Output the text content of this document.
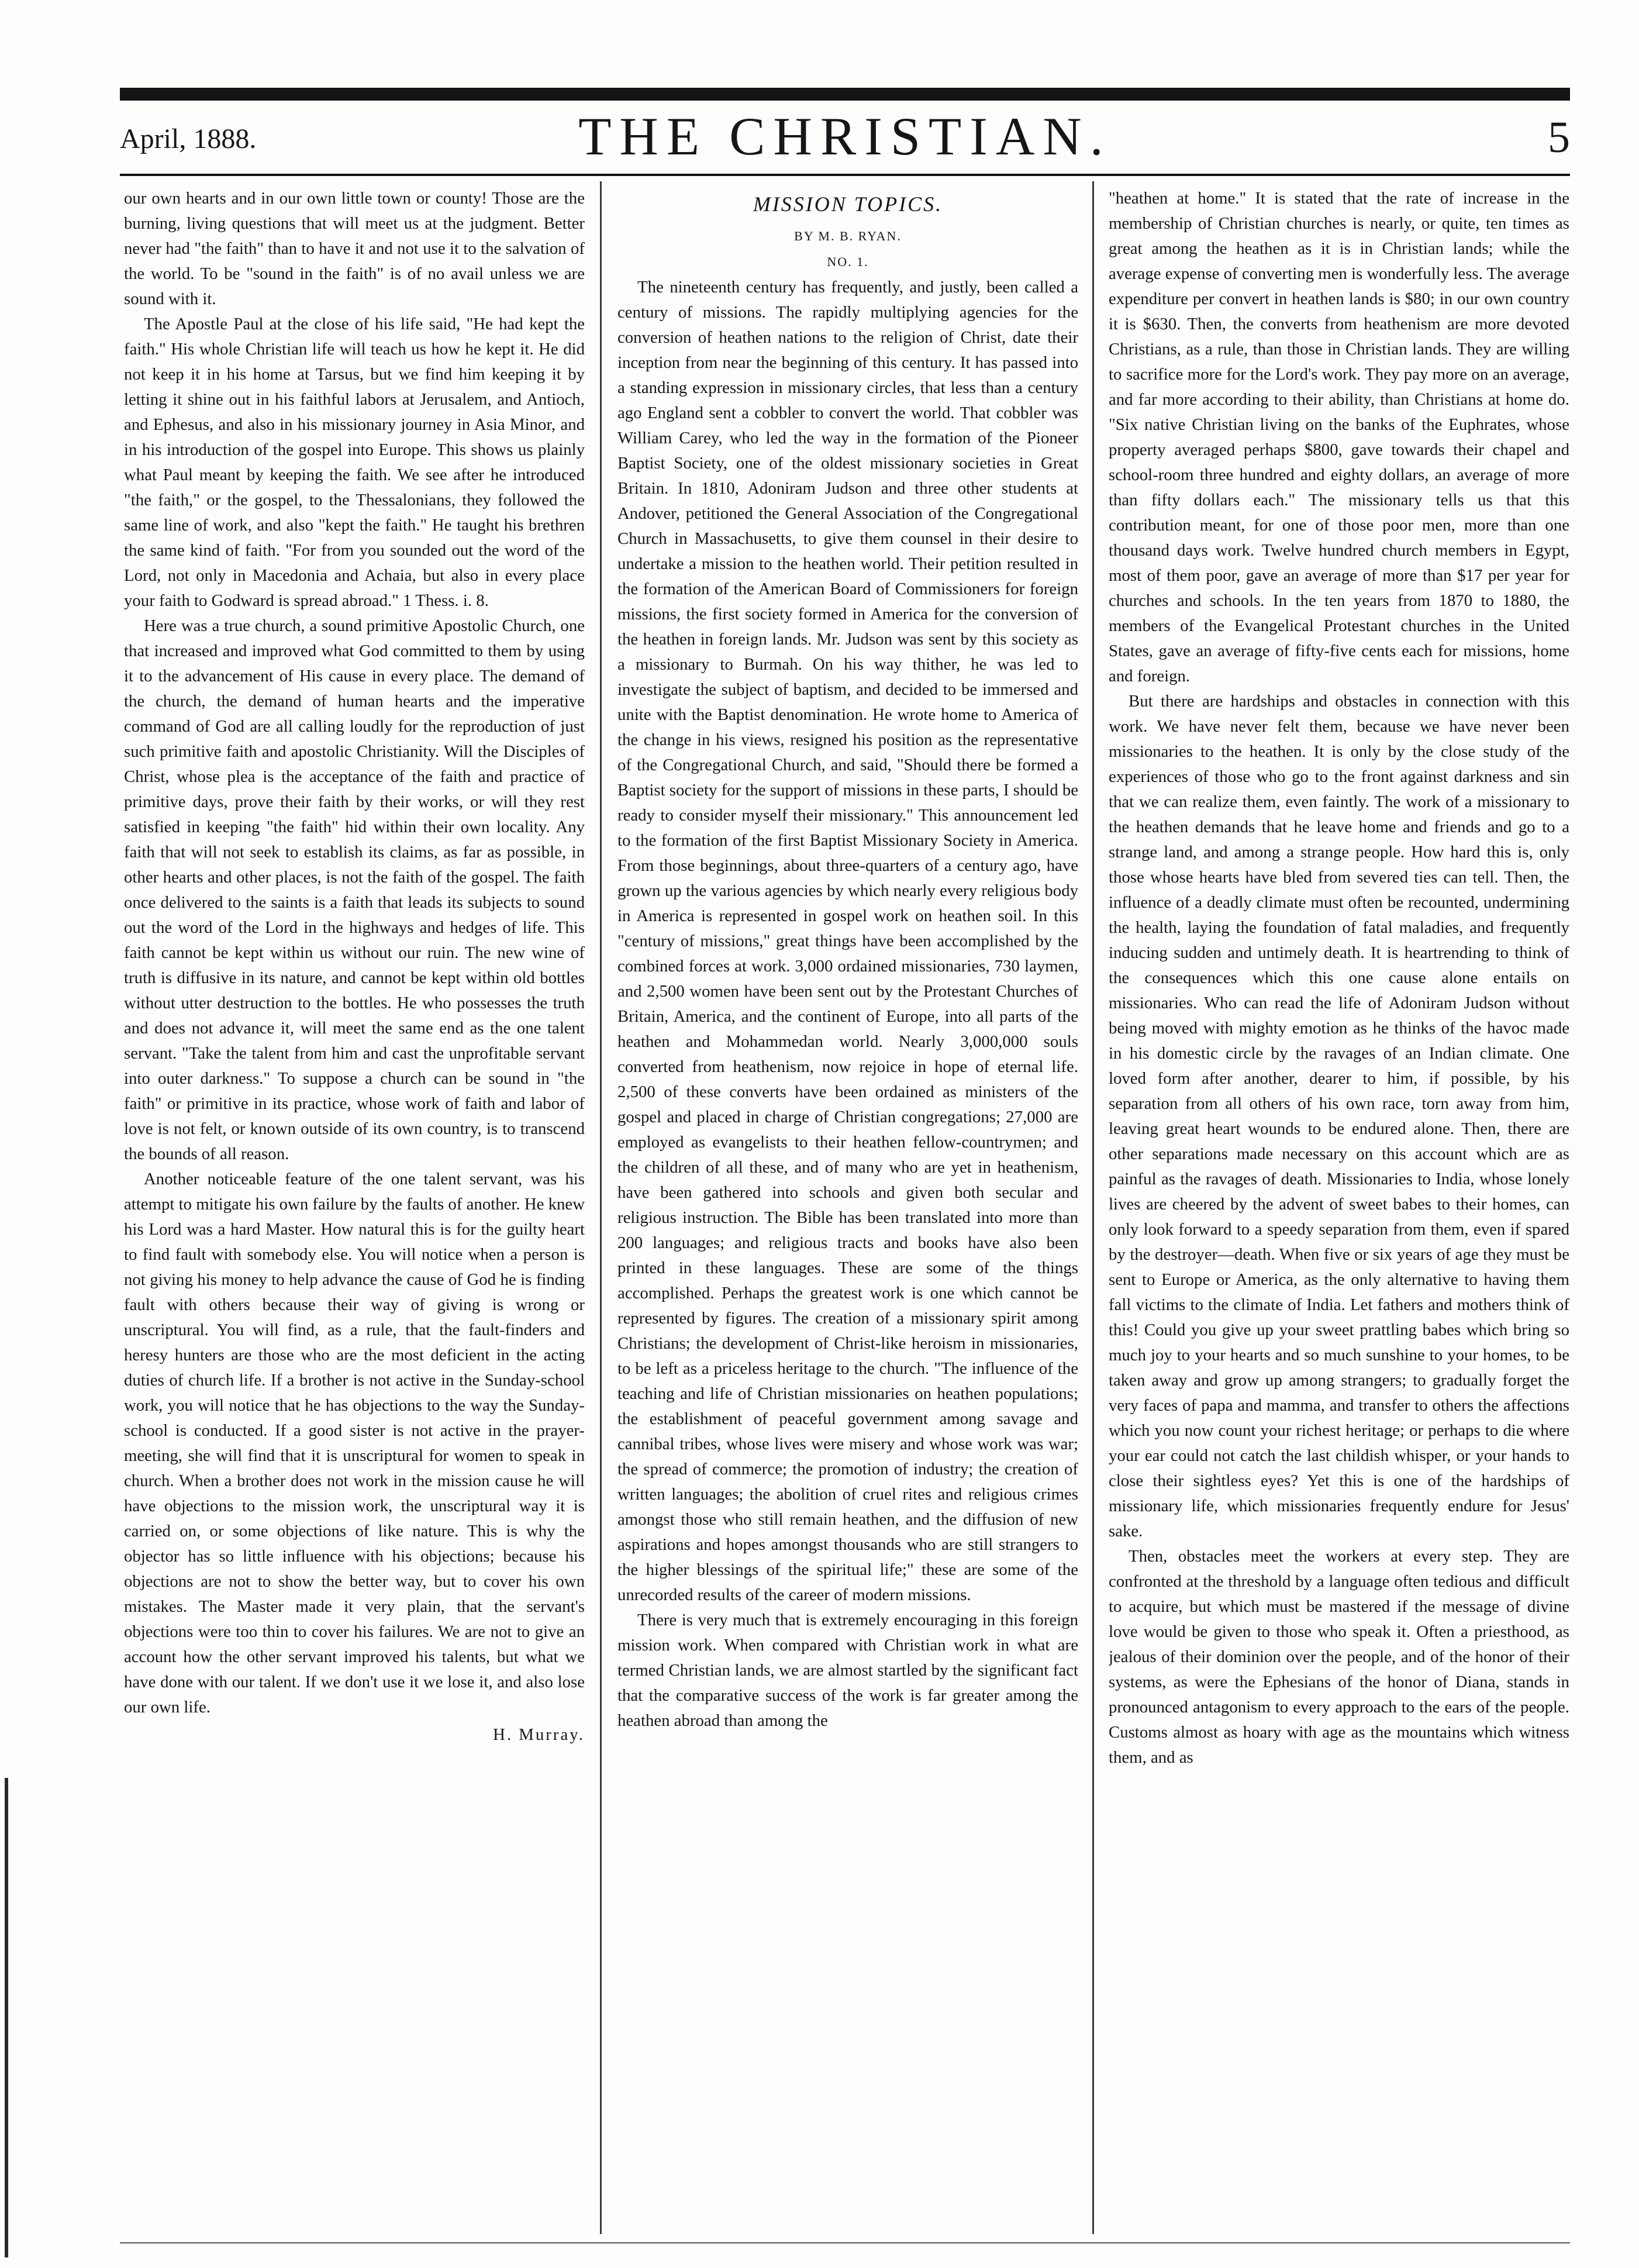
April, 1888.	THE CHRISTIAN.	5

our own hearts and in our own little town or county! Those are the burning, living questions that will meet us at the judgment. Better never had "the faith" than to have it and not use it to the salvation of the world. To be "sound in the faith" is of no avail unless we are sound with it.

The Apostle Paul at the close of his life said, "He had kept the faith." His whole Christian life will teach us how he kept it. He did not keep it in his home at Tarsus, but we find him keeping it by letting it shine out in his faithful labors at Jerusalem, and Antioch, and Ephesus, and also in his missionary journey in Asia Minor, and in his introduction of the gospel into Europe. This shows us plainly what Paul meant by keeping the faith. We see after he introduced "the faith," or the gospel, to the Thessalonians, they followed the same line of work, and also "kept the faith." He taught his brethren the same kind of faith. "For from you sounded out the word of the Lord, not only in Macedonia and Achaia, but also in every place your faith to Godward is spread abroad." 1 Thess. i. 8.

Here was a true church, a sound primitive Apostolic Church, one that increased and improved what God committed to them by using it to the advancement of His cause in every place. The demand of the church, the demand of human hearts and the imperative command of God are all calling loudly for the reproduction of just such primitive faith and apostolic Christianity. Will the Disciples of Christ, whose plea is the acceptance of the faith and practice of primitive days, prove their faith by their works, or will they rest satisfied in keeping "the faith" hid within their own locality. Any faith that will not seek to establish its claims, as far as possible, in other hearts and other places, is not the faith of the gospel. The faith once delivered to the saints is a faith that leads its subjects to sound out the word of the Lord in the highways and hedges of life. This faith cannot be kept within us without our ruin. The new wine of truth is diffusive in its nature, and cannot be kept within old bottles without utter destruction to the bottles. He who possesses the truth and does not advance it, will meet the same end as the one talent servant. "Take the talent from him and cast the unprofitable servant into outer darkness." To suppose a church can be sound in "the faith" or primitive in its practice, whose work of faith and labor of love is not felt, or known outside of its own country, is to transcend the bounds of all reason.

Another noticeable feature of the one talent servant, was his attempt to mitigate his own failure by the faults of another. He knew his Lord was a hard Master. How natural this is for the guilty heart to find fault with somebody else. You will notice when a person is not giving his money to help advance the cause of God he is finding fault with others because their way of giving is wrong or unscriptural. You will find, as a rule, that the fault-finders and heresy hunters are those who are the most deficient in the acting duties of church life. If a brother is not active in the Sunday-school work, you will notice that he has objections to the way the Sunday-school is conducted. If a good sister is not active in the prayer-meeting, she will find that it is unscriptural for women to speak in church. When a brother does not work in the mission cause he will have objections to the mission work, the unscriptural way it is carried on, or some objections of like nature. This is why the objector has so little influence with his objections; because his objections are not to show the better way, but to cover his own mistakes. The Master made it very plain, that the servant's objections were too thin to cover his failures. We are not to give an account how the other servant improved his talents, but what we have done with our talent. If we don't use it we lose it, and also lose our own life.

H. Murray.
MISSION TOPICS.
BY M. B. RYAN.
NO. 1.

The nineteenth century has frequently, and justly, been called a century of missions. The rapidly multiplying agencies for the conversion of heathen nations to the religion of Christ, date their inception from near the beginning of this century. It has passed into a standing expression in missionary circles, that less than a century ago England sent a cobbler to convert the world. That cobbler was William Carey, who led the way in the formation of the Pioneer Baptist Society, one of the oldest missionary societies in Great Britain. In 1810, Adoniram Judson and three other students at Andover, petitioned the General Association of the Congregational Church in Massachusetts, to give them counsel in their desire to undertake a mission to the heathen world. Their petition resulted in the formation of the American Board of Commissioners for foreign missions, the first society formed in America for the conversion of the heathen in foreign lands. Mr. Judson was sent by this society as a missionary to Burmah. On his way thither, he was led to investigate the subject of baptism, and decided to be immersed and unite with the Baptist denomination. He wrote home to America of the change in his views, resigned his position as the representative of the Congregational Church, and said, "Should there be formed a Baptist society for the support of missions in these parts, I should be ready to consider myself their missionary." This announcement led to the formation of the first Baptist Missionary Society in America. From those beginnings, about three-quarters of a century ago, have grown up the various agencies by which nearly every religious body in America is represented in gospel work on heathen soil. In this "century of missions," great things have been accomplished by the combined forces at work. 3,000 ordained missionaries, 730 laymen, and 2,500 women have been sent out by the Protestant Churches of Britain, America, and the continent of Europe, into all parts of the heathen and Mohammedan world. Nearly 3,000,000 souls converted from heathenism, now rejoice in hope of eternal life. 2,500 of these converts have been ordained as ministers of the gospel and placed in charge of Christian congregations; 27,000 are employed as evangelists to their heathen fellow-countrymen; and the children of all these, and of many who are yet in heathenism, have been gathered into schools and given both secular and religious instruction. The Bible has been translated into more than 200 languages; and religious tracts and books have also been printed in these languages. These are some of the things accomplished. Perhaps the greatest work is one which cannot be represented by figures. The creation of a missionary spirit among Christians; the development of Christ-like heroism in missionaries, to be left as a priceless heritage to the church. "The influence of the teaching and life of Christian missionaries on heathen populations; the establishment of peaceful government among savage and cannibal tribes, whose lives were misery and whose work was war; the spread of commerce; the promotion of industry; the creation of written languages; the abolition of cruel rites and religious crimes amongst those who still remain heathen, and the diffusion of new aspirations and hopes amongst thousands who are still strangers to the higher blessings of the spiritual life;" these are some of the unrecorded results of the career of modern missions.

There is very much that is extremely encouraging in this foreign mission work. When compared with Christian work in what are termed Christian lands, we are almost startled by the significant fact that the comparative success of the work is far greater among the heathen abroad than among the

"heathen at home." It is stated that the rate of increase in the membership of Christian churches is nearly, or quite, ten times as great among the heathen as it is in Christian lands; while the average expense of converting men is wonderfully less. The average expenditure per convert in heathen lands is $80; in our own country it is $630. Then, the converts from heathenism are more devoted Christians, as a rule, than those in Christian lands. They are willing to sacrifice more for the Lord's work. They pay more on an average, and far more according to their ability, than Christians at home do. "Six native Christian living on the banks of the Euphrates, whose property averaged perhaps $800, gave towards their chapel and school-room three hundred and eighty dollars, an average of more than fifty dollars each." The missionary tells us that this contribution meant, for one of those poor men, more than one thousand days work. Twelve hundred church members in Egypt, most of them poor, gave an average of more than $17 per year for churches and schools. In the ten years from 1870 to 1880, the members of the Evangelical Protestant churches in the United States, gave an average of fifty-five cents each for missions, home and foreign.

But there are hardships and obstacles in connection with this work. We have never felt them, because we have never been missionaries to the heathen. It is only by the close study of the experiences of those who go to the front against darkness and sin that we can realize them, even faintly. The work of a missionary to the heathen demands that he leave home and friends and go to a strange land, and among a strange people. How hard this is, only those whose hearts have bled from severed ties can tell. Then, the influence of a deadly climate must often be recounted, undermining the health, laying the foundation of fatal maladies, and frequently inducing sudden and untimely death. It is heartrending to think of the consequences which this one cause alone entails on missionaries. Who can read the life of Adoniram Judson without being moved with mighty emotion as he thinks of the havoc made in his domestic circle by the ravages of an Indian climate. One loved form after another, dearer to him, if possible, by his separation from all others of his own race, torn away from him, leaving great heart wounds to be endured alone. Then, there are other separations made necessary on this account which are as painful as the ravages of death. Missionaries to India, whose lonely lives are cheered by the advent of sweet babes to their homes, can only look forward to a speedy separation from them, even if spared by the destroyer—death. When five or six years of age they must be sent to Europe or America, as the only alternative to having them fall victims to the climate of India. Let fathers and mothers think of this! Could you give up your sweet prattling babes which bring so much joy to your hearts and so much sunshine to your homes, to be taken away and grow up among strangers; to gradually forget the very faces of papa and mamma, and transfer to others the affections which you now count your richest heritage; or perhaps to die where your ear could not catch the last childish whisper, or your hands to close their sightless eyes? Yet this is one of the hardships of missionary life, which missionaries frequently endure for Jesus' sake.

Then, obstacles meet the workers at every step. They are confronted at the threshold by a language often tedious and difficult to acquire, but which must be mastered if the message of divine love would be given to those who speak it. Often a priesthood, as jealous of their dominion over the people, and of the honor of their systems, as were the Ephesians of the honor of Diana, stands in pronounced antagonism to every approach to the ears of the people. Customs almost as hoary with age as the mountains which witness them, and as
